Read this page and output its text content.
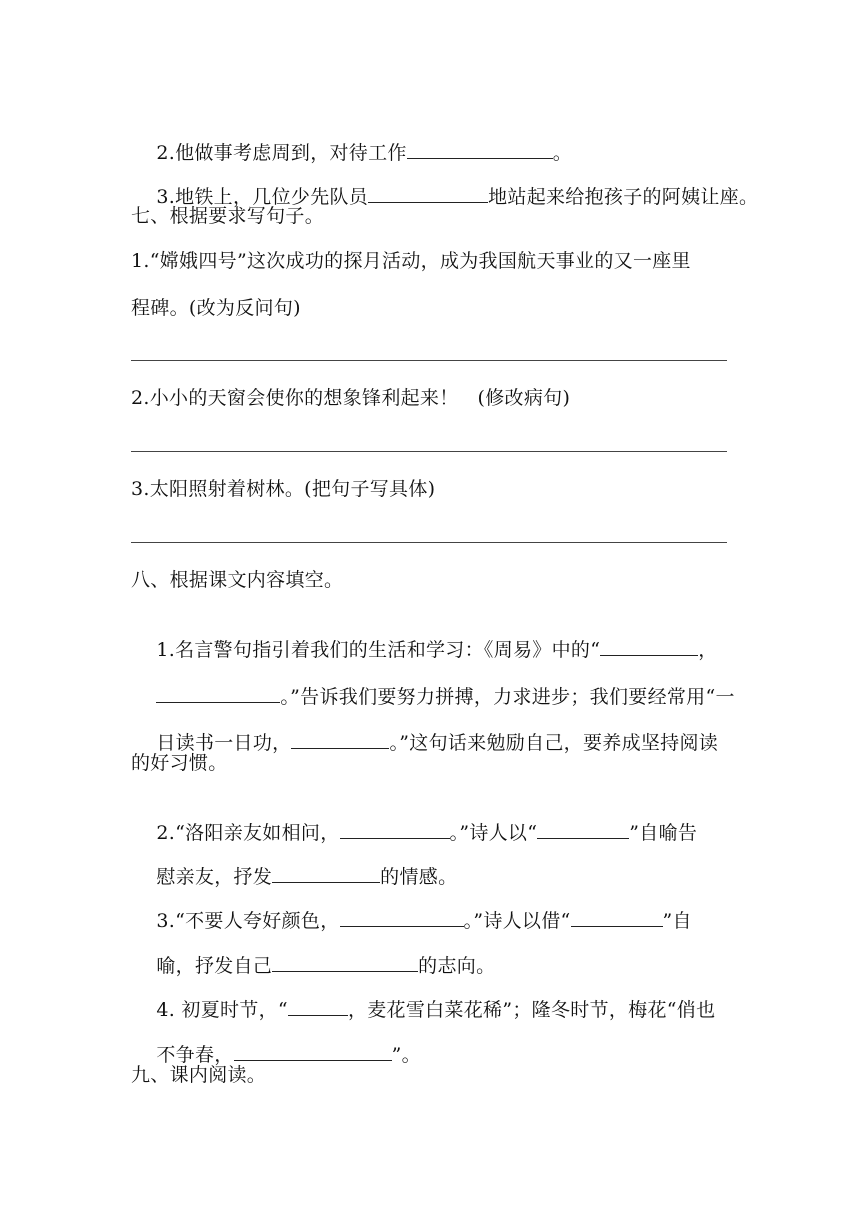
2.他做事考虑周到，对待工作	。

3.地铁上，几位少先队员	地站起来给抱孩子的阿姨让座。

七、根据要求写句子。
1.“嫦娥四号”这次成功的探月活动，成为我国航天事业的又一座里
程碑。(改为反问句)
2.小小的天窗会使你的想象锋利起来！   (修改病句)
3.太阳照射着树林。(把句子写具体)
八、根据课文内容填空。

1.名言警句指引着我们的生活和学习：《周易》中的“	，

。”告诉我们要努力拼搏，力求进步；我们要经常用“一

日读书一日功，	。”这句话来勉励自己，要养成坚持阅读

的好习惯。

2.“洛阳亲友如相问，	。”诗人以“	”自喻告

慰亲友，抒发	的情感。

3.“不要人夸好颜色，	。”诗人以借“	”自

喻，抒发自己	的志向。

4. 初夏时节，“	，麦花雪白菜花稀”；隆冬时节，梅花“俏也

不争春，	”。

九、课内阅读。
